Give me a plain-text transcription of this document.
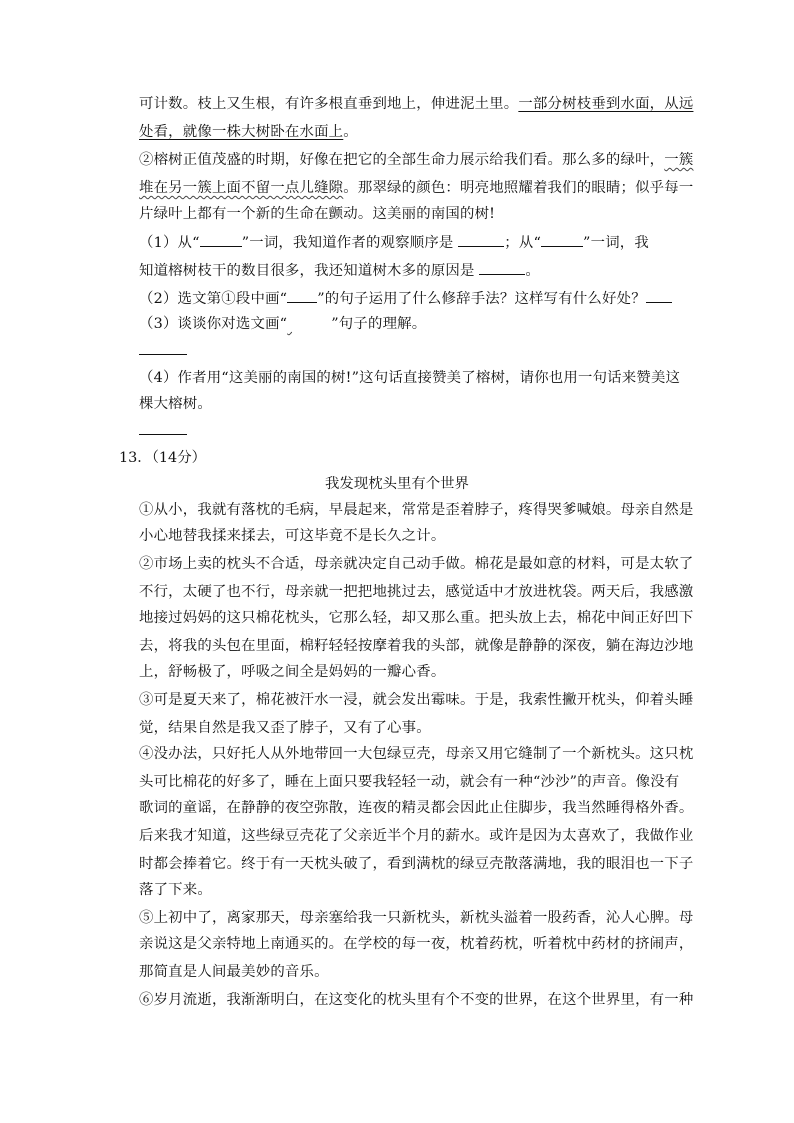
可计数。枝上又生根，有许多根直垂到地上，伸进泥土里。一部分树枝垂到水面，从远
处看，就像一株大树卧在水面上。
②榕树正值茂盛的时期，好像在把它的全部生命力展示给我们看。那么多的绿叶，一簇
堆在另一簇上面不留一点儿缝隙。那翠绿的颜色：明亮地照耀着我们的眼睛；似乎每一
片绿叶上都有一个新的生命在颤动。这美丽的南国的树!
（1）从“	”一词，我知道作者的观察顺序是	；从“	”一词，我
知道榕树枝干的数目很多，我还知道树木多的原因是	。
（2）选文第①段中画“ ”的句子运用了什么修辞手法？这样写有什么好处？
（3）谈谈你对选文画“	”句子的理解。
（4）作者用“这美丽的南国的树!”这句话直接赞美了榕树，请你也用一句话来赞美这
棵大榕树。
13．（14分）
我发现枕头里有个世界
①从小，我就有落枕的毛病，早晨起来，常常是歪着脖子，疼得哭爹喊娘。母亲自然是
小心地替我揉来揉去，可这毕竟不是长久之计。
②市场上卖的枕头不合适，母亲就决定自己动手做。棉花是最如意的材料，可是太软了
不行，太硬了也不行，母亲就一把把地挑过去，感觉适中才放进枕袋。两天后，我感激
地接过妈妈的这只棉花枕头，它那么轻，却又那么重。把头放上去，棉花中间正好凹下
去，将我的头包在里面，棉籽轻轻按摩着我的头部，就像是静静的深夜，躺在海边沙地
上，舒畅极了，呼吸之间全是妈妈的一瓣心香。
③可是夏天来了，棉花被汗水一浸，就会发出霉味。于是，我索性撇开枕头，仰着头睡
觉，结果自然是我又歪了脖子，又有了心事。
④没办法，只好托人从外地带回一大包绿豆壳，母亲又用它缝制了一个新枕头。这只枕
头可比棉花的好多了，睡在上面只要我轻轻一动，就会有一种“沙沙”的声音。像没有
歌词的童谣，在静静的夜空弥散，连夜的精灵都会因此止住脚步，我当然睡得格外香。
后来我才知道，这些绿豆壳花了父亲近半个月的薪水。或许是因为太喜欢了，我做作业
时都会捧着它。终于有一天枕头破了，看到满枕的绿豆壳散落满地，我的眼泪也一下子
落了下来。
⑤上初中了，离家那天，母亲塞给我一只新枕头，新枕头溢着一股药香，沁人心脾。母
亲说这是父亲特地上南通买的。在学校的每一夜，枕着药枕，听着枕中药材的挤闹声，
那简直是人间最美妙的音乐。
⑥岁月流逝，我渐渐明白，在这变化的枕头里有个不变的世界，在这个世界里，有一种
